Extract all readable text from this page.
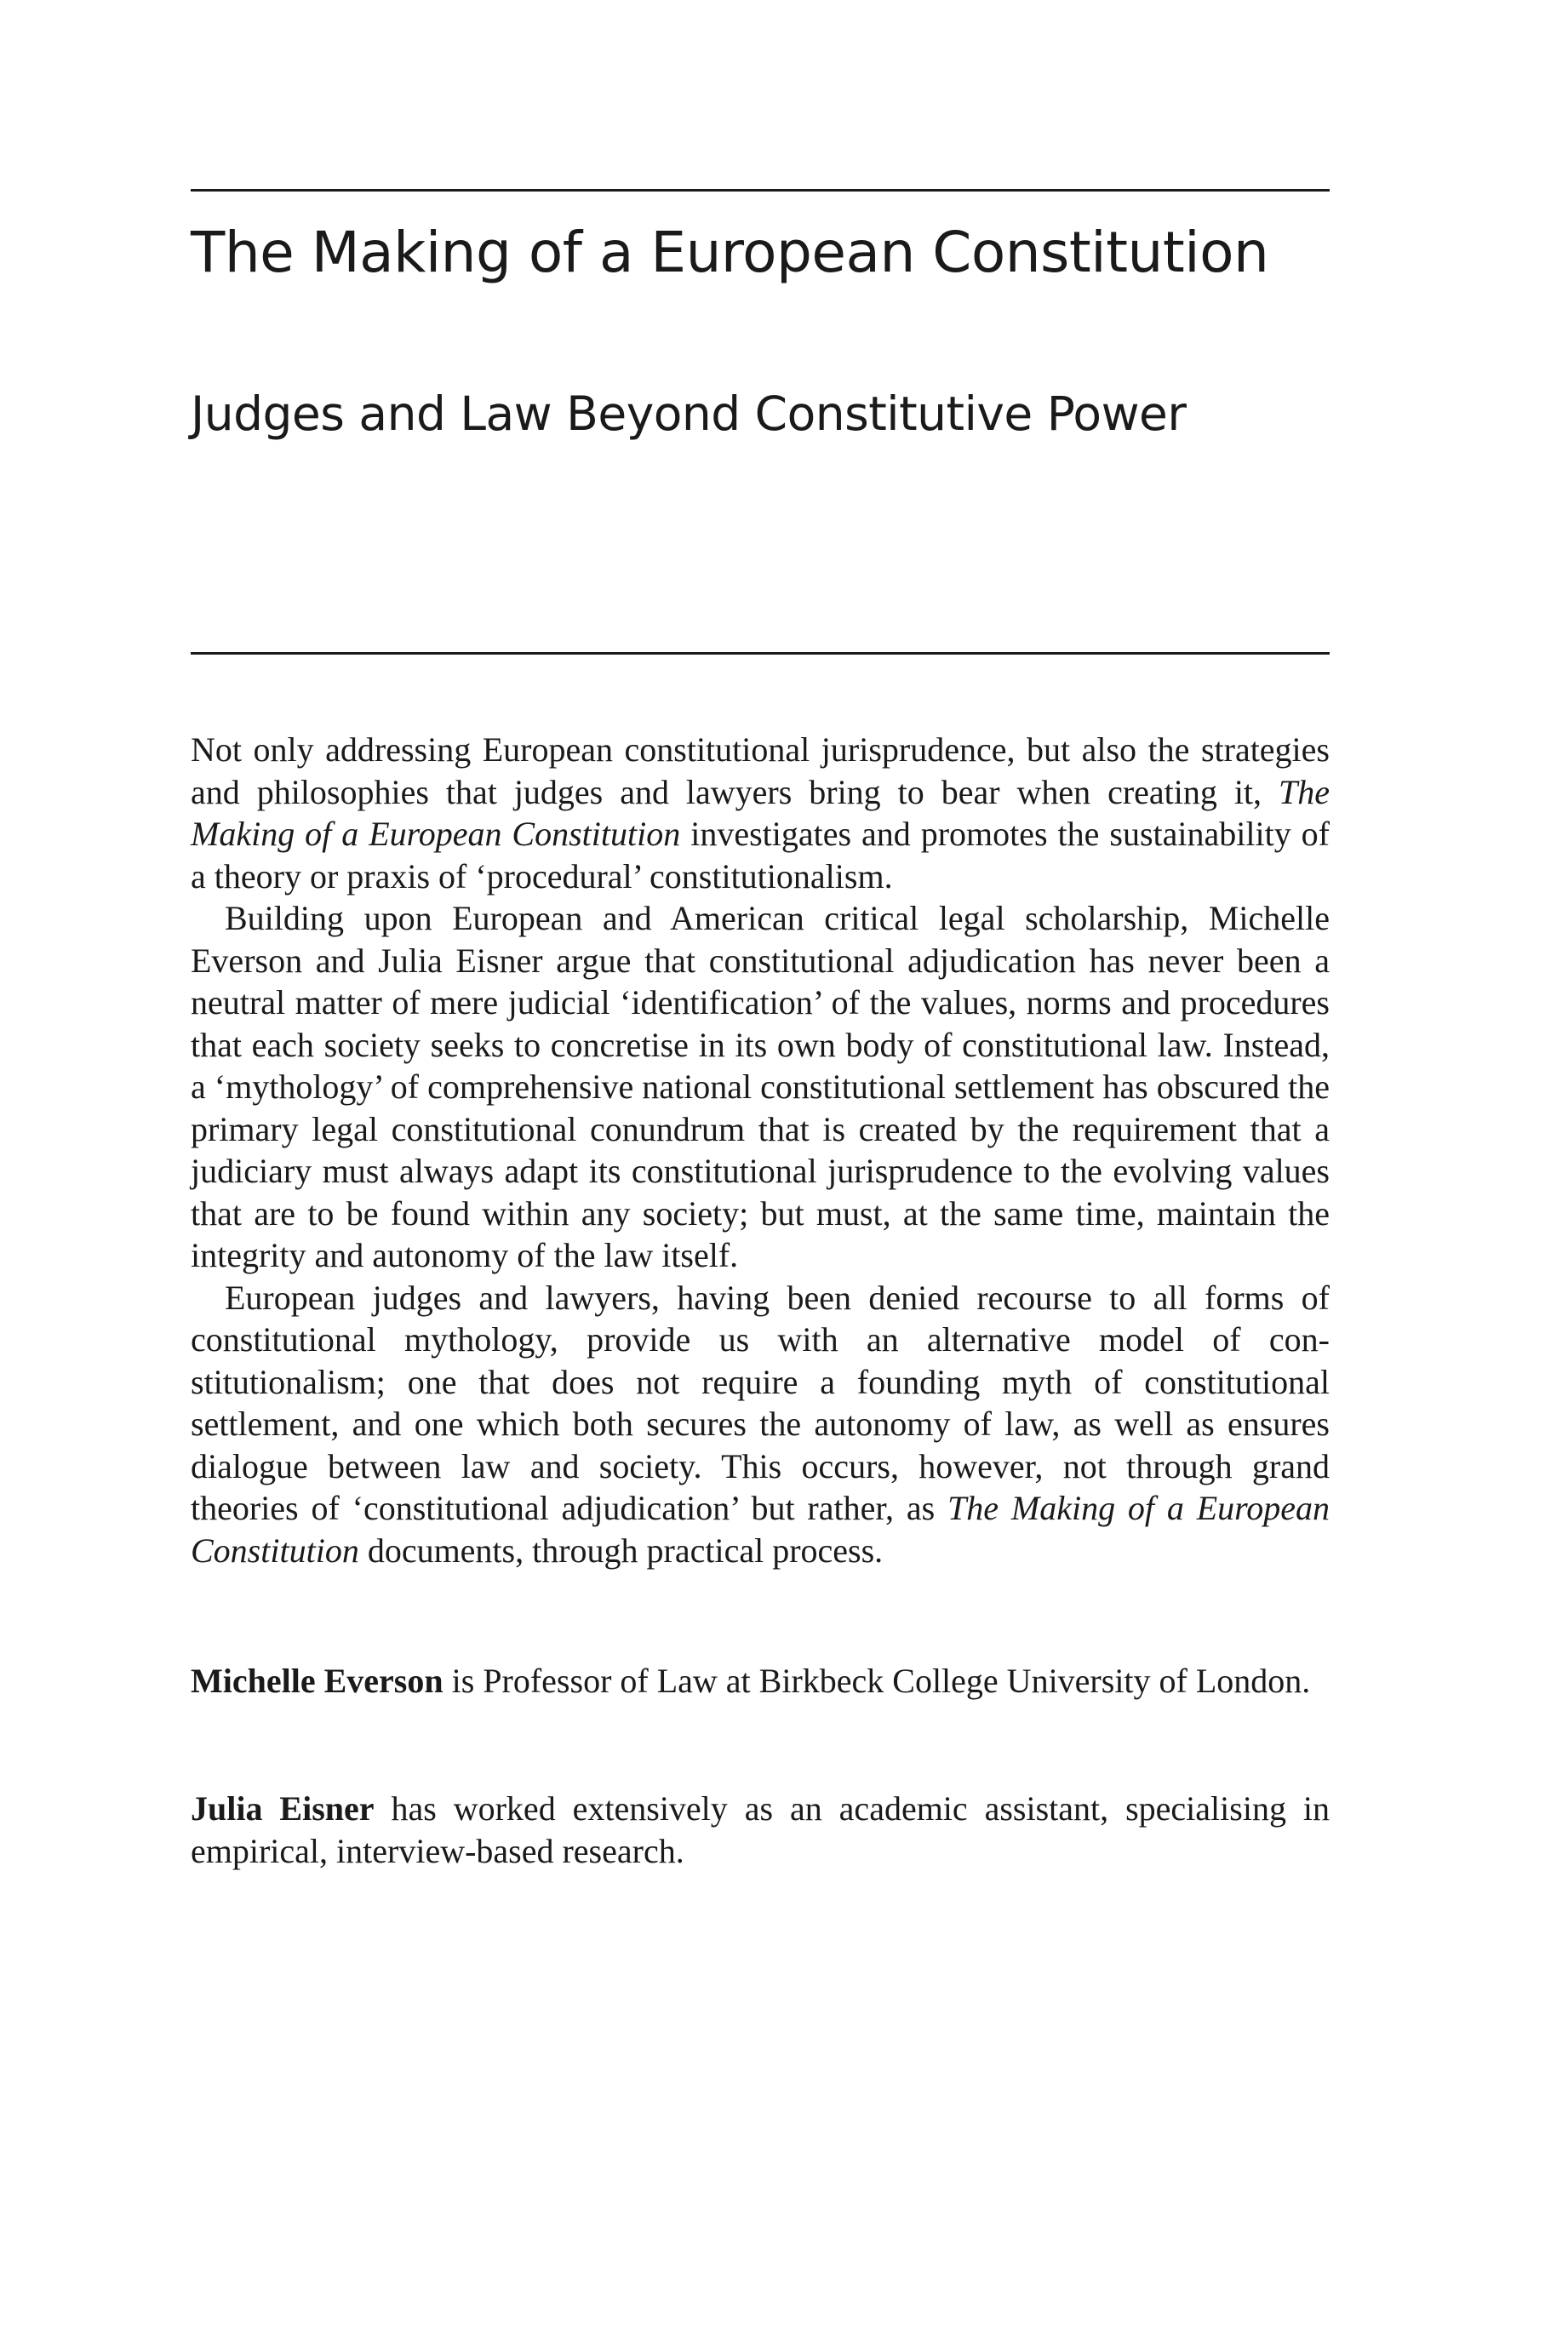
The Making of a European Constitution
Judges and Law Beyond Constitutive Power

Not only addressing European constitutional jurisprudence, but also the strategies and philosophies that judges and lawyers bring to bear when creating it, The Making of a European Constitution investigates and promotes the sustainability of a theory or praxis of ‘procedural’ constitutionalism.

Building upon European and American critical legal scholarship, Michelle Everson and Julia Eisner argue that constitutional adjudication has never been a neutral matter of mere judicial ‘identification’ of the values, norms and procedures that each society seeks to concretise in its own body of constitutional law. Instead, a ‘mythology’ of comprehensive national constitutional settlement has obscured the primary legal constitutional conundrum that is created by the requirement that a judiciary must always adapt its constitutional jurisprudence to the evolving values that are to be found within any society; but must, at the same time, maintain the integrity and autonomy of the law itself.

European judges and lawyers, having been denied recourse to all forms of constitutional mythology, provide us with an alternative model of constitutionalism; one that does not require a founding myth of constitutional settlement, and one which both secures the autonomy of law, as well as ensures dialogue between law and society. This occurs, however, not through grand theories of ‘constitutional adjudication’ but rather, as The Making of a European Constitution documents, through practical process.

Michelle Everson is Professor of Law at Birkbeck College University of London.

Julia Eisner has worked extensively as an academic assistant, specialising in empirical, interview-based research.
